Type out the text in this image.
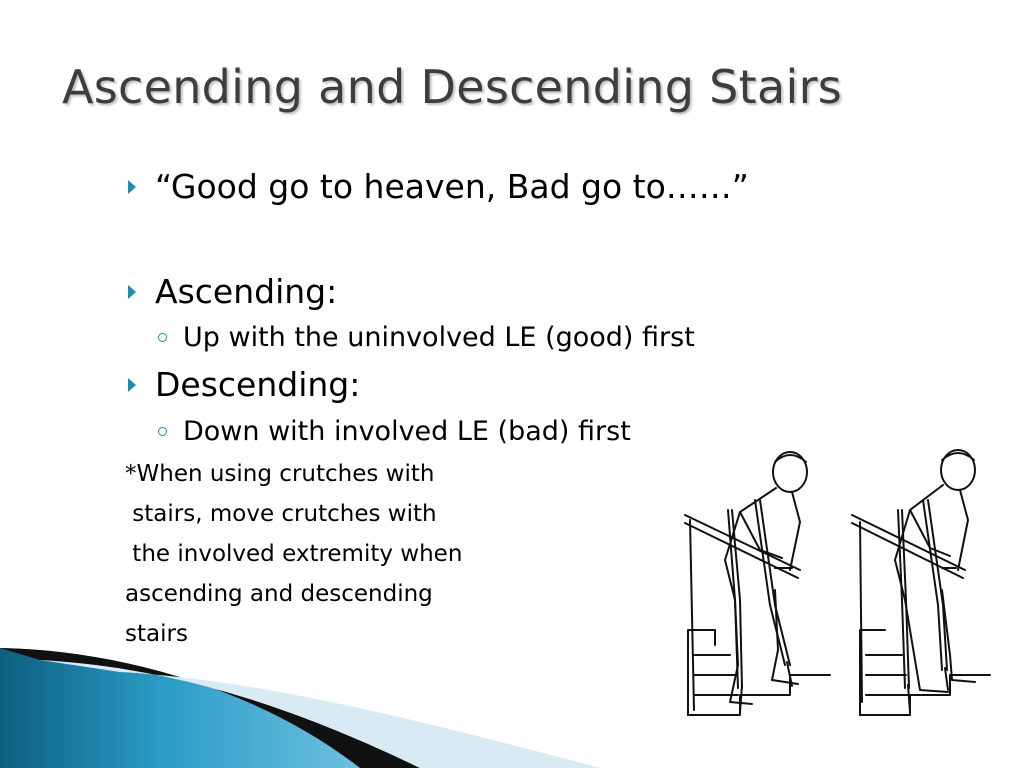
Ascending and Descending Stairs
“Good go to heaven, Bad go to……”
Ascending:
Up with the uninvolved LE (good) first
Descending:
Down with involved LE (bad) first
*When using crutches with
stairs, move crutches with
the involved extremity when
ascending and descending
stairs
